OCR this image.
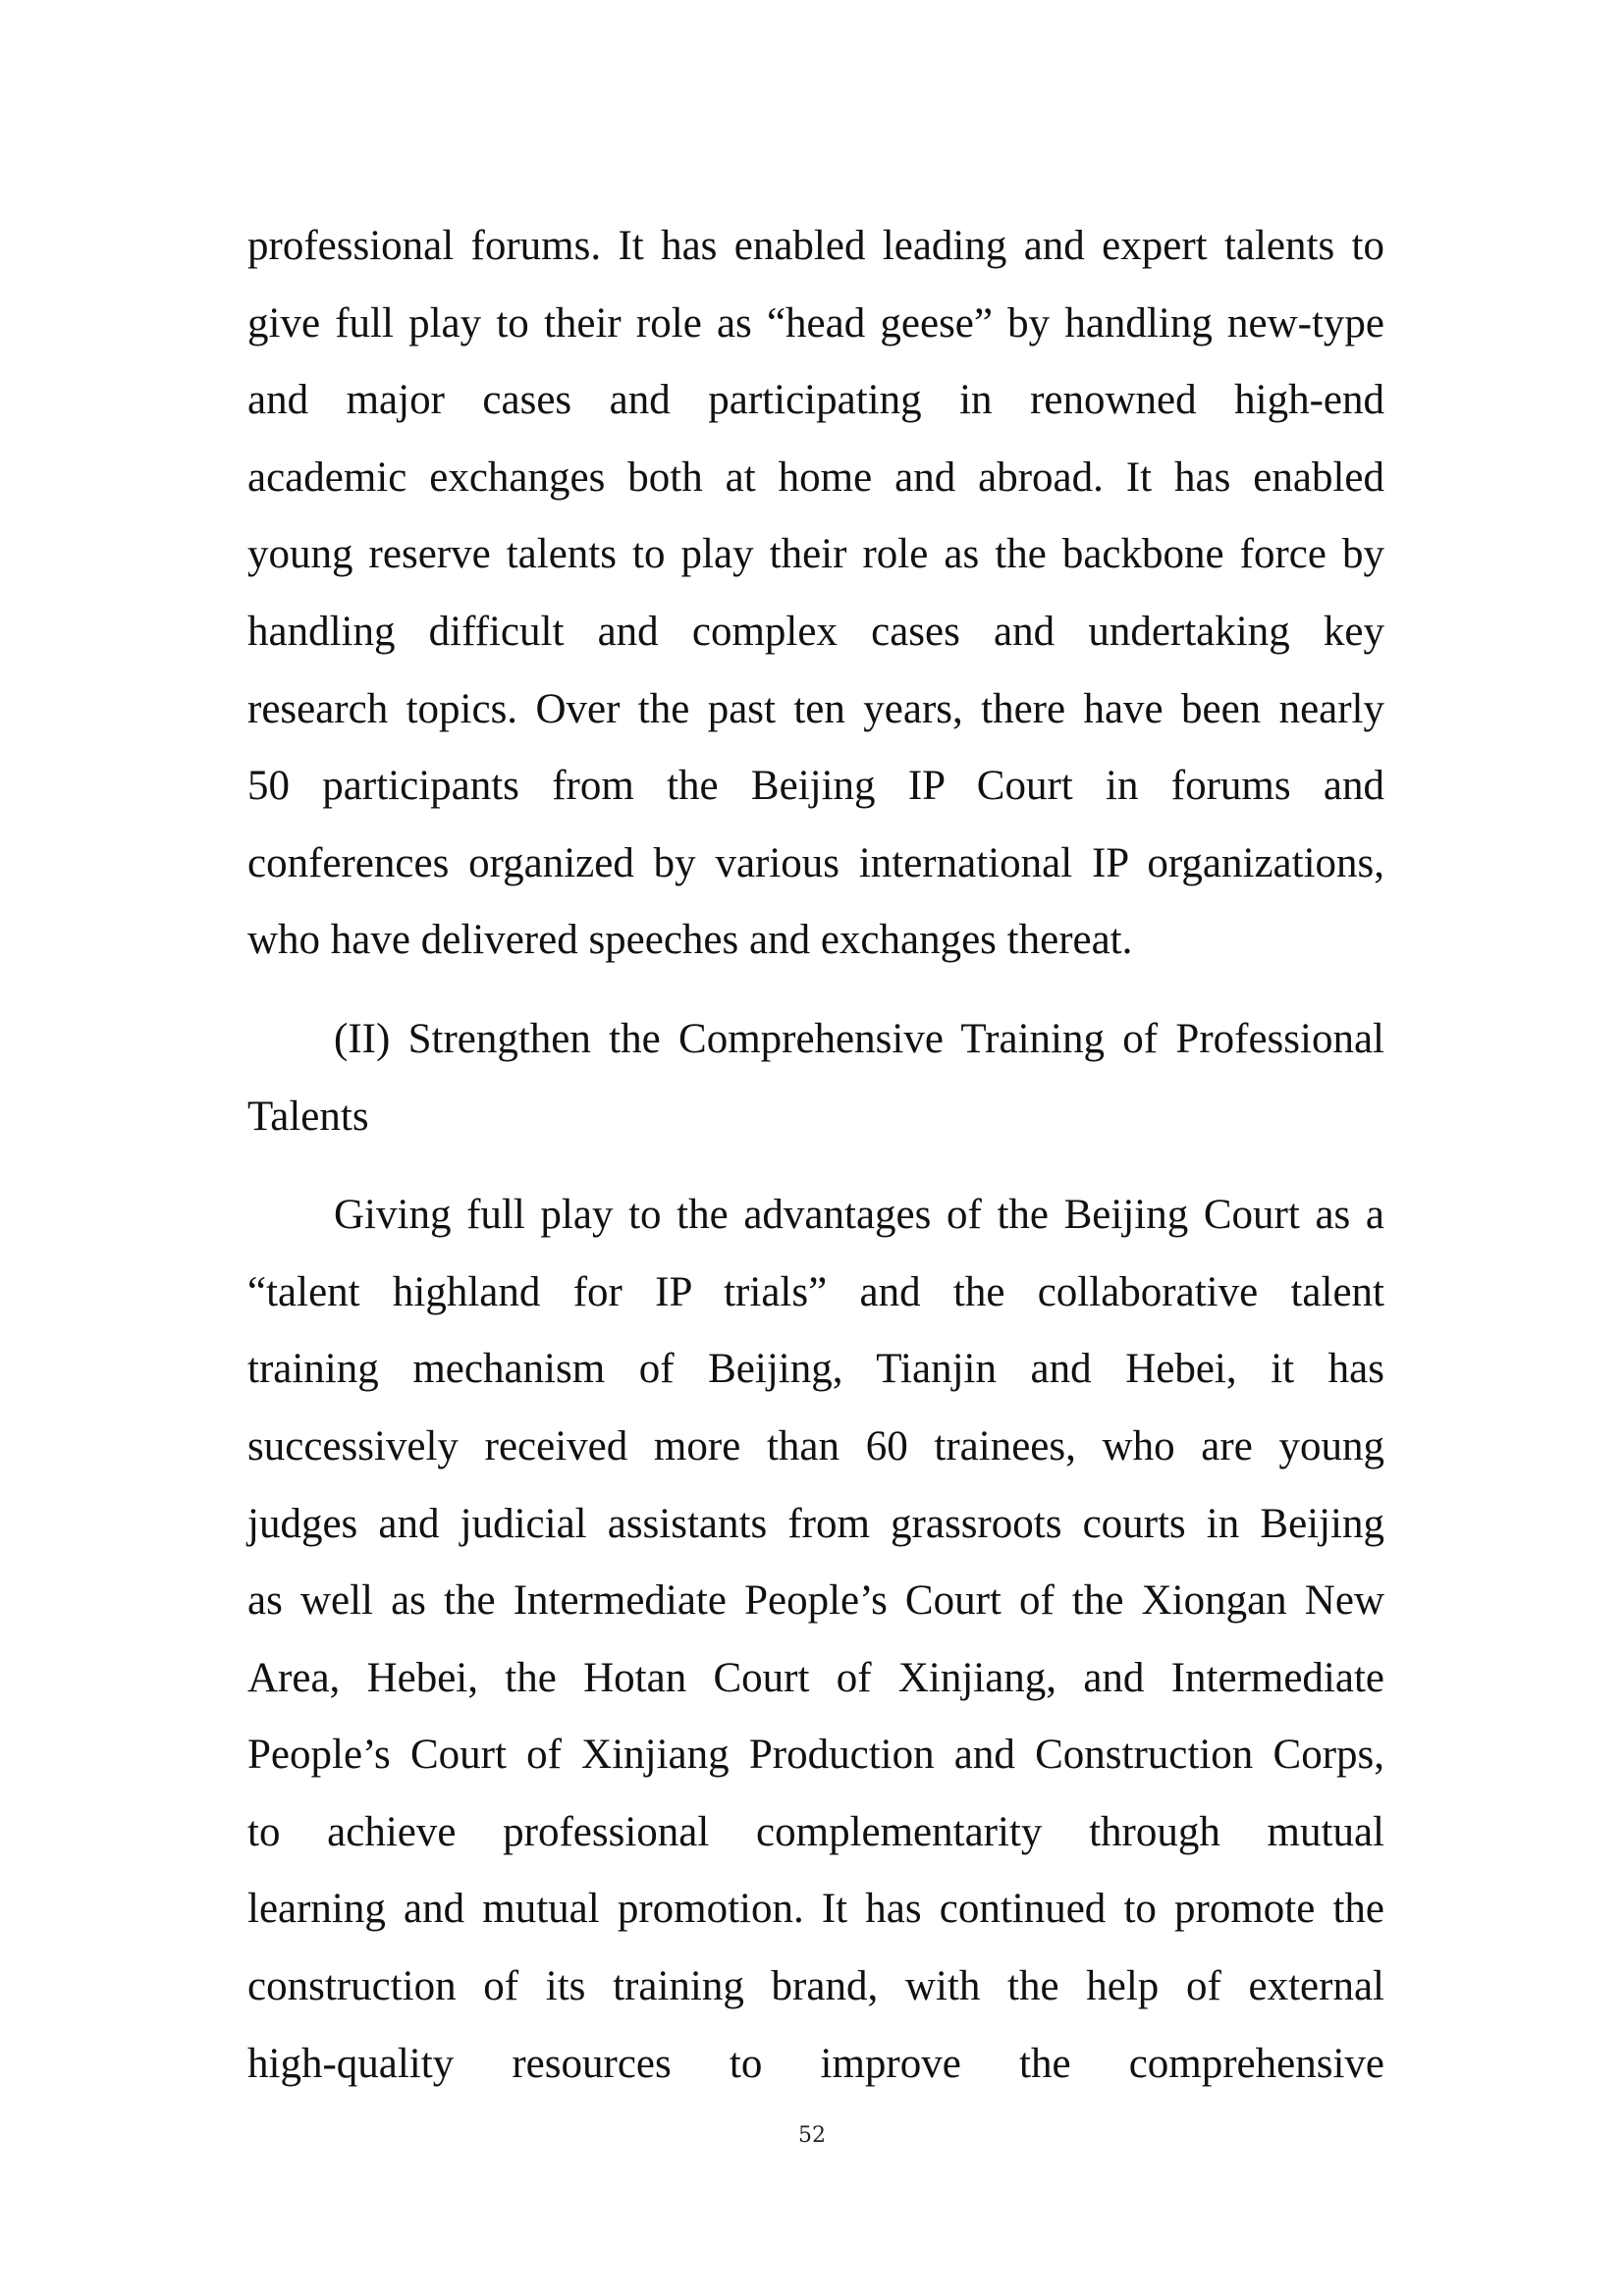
professional forums. It has enabled leading and expert talents to
give full play to their role as “head geese” by handling new-type
and major cases and participating in renowned high-end
academic exchanges both at home and abroad. It has enabled
young reserve talents to play their role as the backbone force by
handling difficult and complex cases and undertaking key
research topics. Over the past ten years, there have been nearly
50 participants from the Beijing IP Court in forums and
conferences organized by various international IP organizations,
who have delivered speeches and exchanges thereat.
(II) Strengthen the Comprehensive Training of Professional
Talents
Giving full play to the advantages of the Beijing Court as a
“talent highland for IP trials” and the collaborative talent
training mechanism of Beijing, Tianjin and Hebei, it has
successively received more than 60 trainees, who are young
judges and judicial assistants from grassroots courts in Beijing
as well as the Intermediate People’s Court of the Xiongan New
Area, Hebei, the Hotan Court of Xinjiang, and Intermediate
People’s Court of Xinjiang Production and Construction Corps,
to achieve professional complementarity through mutual
learning and mutual promotion. It has continued to promote the
construction of its training brand, with the help of external
high-quality resources to improve the comprehensive
52
